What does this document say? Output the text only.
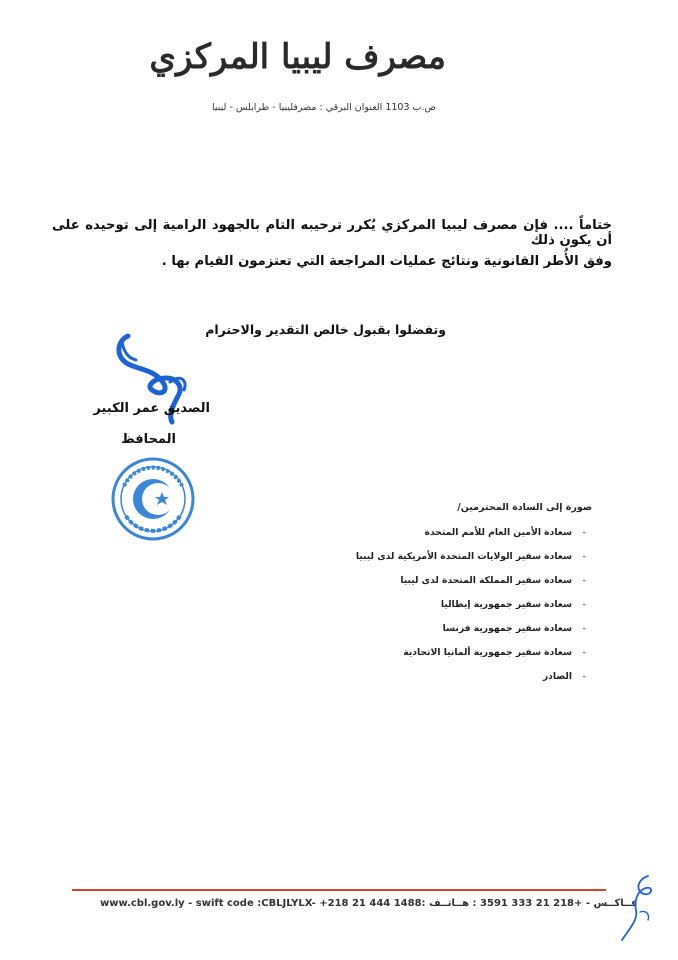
مصرف ليبيا المركزي
ص.ب 1103 العنوان البرقي : مصرفليبيا - طرابلس - ليبيا
ختاماً .... فإن مصرف ليبيا المركزي يُكرر ترحيبه التام بالجهود الرامية إلى توحيده على أن يكون ذلك
وفق الأُطر القانونية ونتائج عمليات المراجعة التي تعتزمون القيام بها .
وتفضلوا بقبول خالص التقدير والاحترام
الصديق عمر الكبير
المحافظ
صورة إلى السادة المحترمين/
- سعادة الأمين العام للأمم المتحدة
- سعادة سفير الولايات المتحدة الأمريكية لدى ليبيا
- سعادة سفير المملكة المتحدة لدى ليبيا
- سعادة سفير جمهورية إيطاليا
- سعادة سفير جمهورية فرنسا
- سعادة سفير جمهورية ألمانيا الاتحادية
- الصادر
www.cbl.gov.ly - swift code :CBLJLYLX- +218 21 444 1488: فــاكــس - +218 21 333 3591 : هــاتــف
